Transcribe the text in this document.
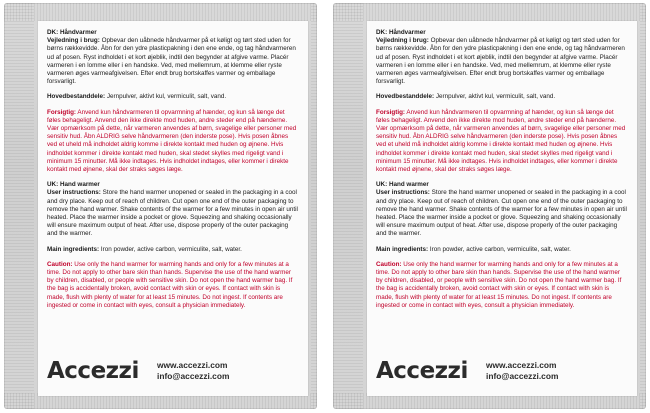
DK: Håndvarmer

Vejledning i brug: Opbevar den uåbnede håndvarmer på et køligt og tørt sted uden for børns rækkevidde. Åbn for den ydre plasticpakning i den ene ende, og tag håndvarmeren ud af posen. Ryst indholdet i et kort øjeblik, indtil den begynder at afgive varme. Placér varmeren i en lomme eller i en handske. Ved, med mellemrum, at klemme eller ryste varmeren øges varmeafgivelsen. Efter endt brug bortskaffes varmer og emballage forsvarligt.

Hovedbestanddele: Jernpulver, aktivt kul, vermiculit, salt, vand.

Forsigtig: Anvend kun håndvarmeren til opvarmning af hænder, og kun så længe det føles behageligt. Anvend den ikke direkte mod huden, andre steder end på hænderne. Vær opmærksom på dette, når varmeren anvendes af børn, svagelige eller personer med sensitiv hud. Åbn ALDRIG selve håndvarmeren (den inderste pose). Hvis posen åbnes ved et uheld må indholdet aldrig komme i direkte kontakt med huden og øjnene. Hvis indholdet kommer i direkte kontakt med huden, skal stedet skylles med rigeligt vand i minimum 15 minutter. Må ikke indtages. Hvis indholdet indtages, eller kommer i direkte kontakt med øjnene, skal der straks søges læge.

UK: Hand warmer

User instructions: Store the hand warmer unopened or sealed in the packaging in a cool and dry place. Keep out of reach of children. Cut open one end of the outer packaging to remove the hand warmer. Shake contents of the warmer for a few minutes in open air until heated. Place the warmer inside a pocket or glove. Squeezing and shaking occasionally will ensure maximum output of heat. After use, dispose properly of the outer packaging and the warmer.

Main ingredients: Iron powder, active carbon, vermiculite, salt, water.

Caution: Use only the hand warmer for warming hands and only for a few minutes at a time. Do not apply to other bare skin than hands. Supervise the use of the hand warmer by children, disabled, or people with sensitive skin. Do not open the hand warmer bag. If the bag is accidentally broken, avoid contact with skin or eyes. If contact with skin is made, flush with plenty of water for at least 15 minutes. Do not ingest. If contents are ingested or come in contact with eyes, consult a physician immediately.

Accezzi	www.accezzi.com
info@accezzi.com

DK: Håndvarmer

Vejledning i brug: Opbevar den uåbnede håndvarmer på et køligt og tørt sted uden for børns rækkevidde. Åbn for den ydre plasticpakning i den ene ende, og tag håndvarmeren ud af posen. Ryst indholdet i et kort øjeblik, indtil den begynder at afgive varme. Placér varmeren i en lomme eller i en handske. Ved, med mellemrum, at klemme eller ryste varmeren øges varmeafgivelsen. Efter endt brug bortskaffes varmer og emballage forsvarligt.

Hovedbestanddele: Jernpulver, aktivt kul, vermiculit, salt, vand.

Forsigtig: Anvend kun håndvarmeren til opvarmning af hænder, og kun så længe det føles behageligt. Anvend den ikke direkte mod huden, andre steder end på hænderne. Vær opmærksom på dette, når varmeren anvendes af børn, svagelige eller personer med sensitiv hud. Åbn ALDRIG selve håndvarmeren (den inderste pose). Hvis posen åbnes ved et uheld må indholdet aldrig komme i direkte kontakt med huden og øjnene. Hvis indholdet kommer i direkte kontakt med huden, skal stedet skylles med rigeligt vand i minimum 15 minutter. Må ikke indtages. Hvis indholdet indtages, eller kommer i direkte kontakt med øjnene, skal der straks søges læge.

UK: Hand warmer

User instructions: Store the hand warmer unopened or sealed in the packaging in a cool and dry place. Keep out of reach of children. Cut open one end of the outer packaging to remove the hand warmer. Shake contents of the warmer for a few minutes in open air until heated. Place the warmer inside a pocket or glove. Squeezing and shaking occasionally will ensure maximum output of heat. After use, dispose properly of the outer packaging and the warmer.

Main ingredients: Iron powder, active carbon, vermiculite, salt, water.

Caution: Use only the hand warmer for warming hands and only for a few minutes at a time. Do not apply to other bare skin than hands. Supervise the use of the hand warmer by children, disabled, or people with sensitive skin. Do not open the hand warmer bag. If the bag is accidentally broken, avoid contact with skin or eyes. If contact with skin is made, flush with plenty of water for at least 15 minutes. Do not ingest. If contents are ingested or come in contact with eyes, consult a physician immediately.

Accezzi	www.accezzi.com
info@accezzi.com
